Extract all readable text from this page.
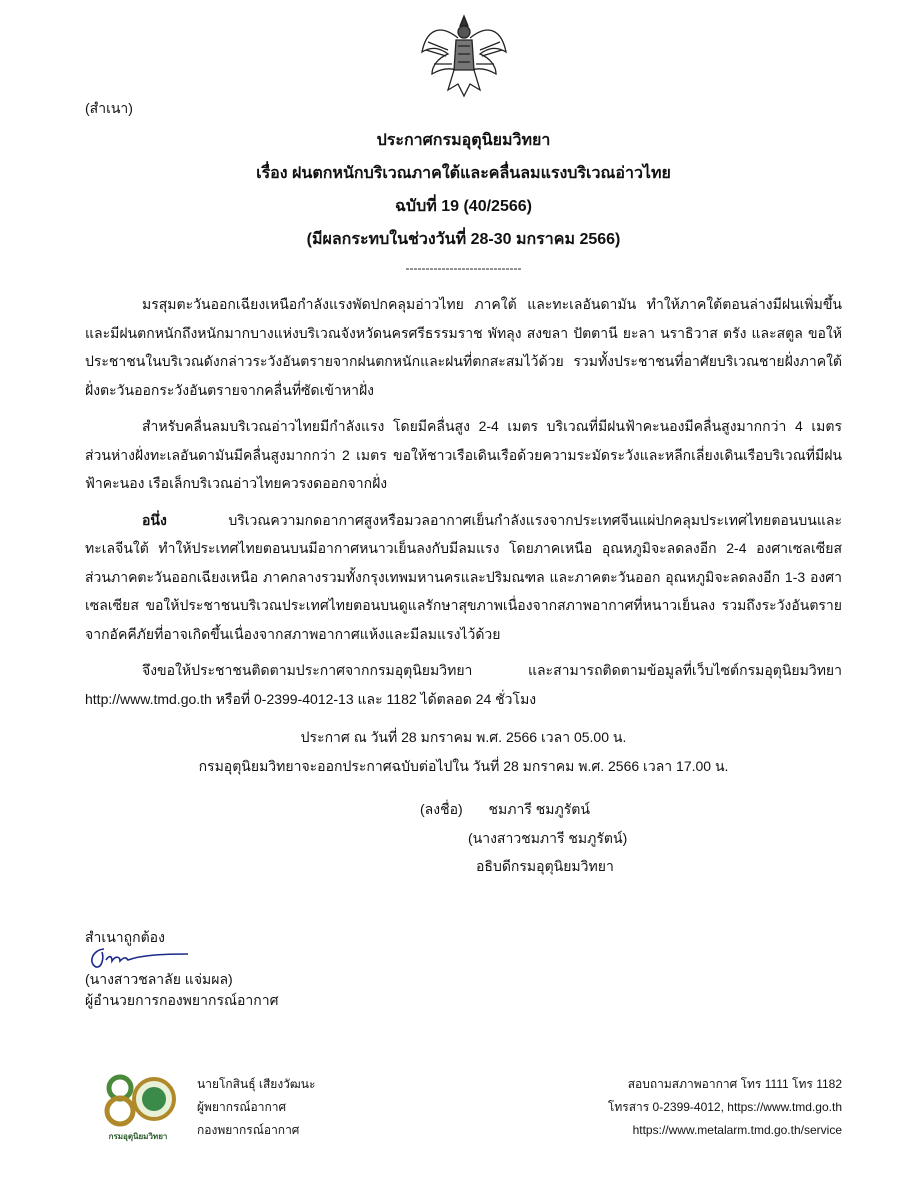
(สำเนา)
ประกาศกรมอุตุนิยมวิทยา
เรื่อง ฝนตกหนักบริเวณภาคใต้และคลื่นลมแรงบริเวณอ่าวไทย
ฉบับที่ 19 (40/2566)
(มีผลกระทบในช่วงวันที่ 28-30 มกราคม 2566)
-----------------------------

มรสุมตะวันออกเฉียงเหนือกำลังแรงพัดปกคลุมอ่าวไทย ภาคใต้ และทะเลอันดามัน ทำให้ภาคใต้ตอนล่างมีฝนเพิ่มขึ้นและมีฝนตกหนักถึงหนักมากบางแห่งบริเวณจังหวัดนครศรีธรรมราช พัทลุง สงขลา ปัตตานี ยะลา นราธิวาส ตรัง และสตูล ขอให้ประชาชนในบริเวณดังกล่าวระวังอันตรายจากฝนตกหนักและฝนที่ตกสะสมไว้ด้วย รวมทั้งประชาชนที่อาศัยบริเวณชายฝั่งภาคใต้ฝั่งตะวันออกระวังอันตรายจากคลื่นที่ซัดเข้าหาฝั่ง

สำหรับคลื่นลมบริเวณอ่าวไทยมีกำลังแรง โดยมีคลื่นสูง 2-4 เมตร บริเวณที่มีฝนฟ้าคะนองมีคลื่นสูงมากกว่า 4 เมตร ส่วนห่างฝั่งทะเลอันดามันมีคลื่นสูงมากกว่า 2 เมตร ขอให้ชาวเรือเดินเรือด้วยความระมัดระวังและหลีกเลี่ยงเดินเรือบริเวณที่มีฝนฟ้าคะนอง เรือเล็กบริเวณอ่าวไทยควรงดออกจากฝั่ง

อนึ่ง บริเวณความกดอากาศสูงหรือมวลอากาศเย็นกำลังแรงจากประเทศจีนแผ่ปกคลุมประเทศไทยตอนบนและทะเลจีนใต้ ทำให้ประเทศไทยตอนบนมีอากาศหนาวเย็นลงกับมีลมแรง โดยภาคเหนือ อุณหภูมิจะลดลงอีก 2-4 องศาเซลเซียส ส่วนภาคตะวันออกเฉียงเหนือ ภาคกลางรวมทั้งกรุงเทพมหานครและปริมณฑล และภาคตะวันออก อุณหภูมิจะลดลงอีก 1-3 องศาเซลเซียส ขอให้ประชาชนบริเวณประเทศไทยตอนบนดูแลรักษาสุขภาพเนื่องจากสภาพอากาศที่หนาวเย็นลง รวมถึงระวังอันตรายจากอัคคีภัยที่อาจเกิดขึ้นเนื่องจากสภาพอากาศแห้งและมีลมแรงไว้ด้วย

จึงขอให้ประชาชนติดตามประกาศจากกรมอุตุนิยมวิทยา และสามารถติดตามข้อมูลที่เว็บไซต์กรมอุตุนิยมวิทยา http://www.tmd.go.th หรือที่ 0-2399-4012-13 และ 1182 ได้ตลอด 24 ชั่วโมง

ประกาศ ณ วันที่ 28 มกราคม พ.ศ. 2566 เวลา 05.00 น.
กรมอุตุนิยมวิทยาจะออกประกาศฉบับต่อไปใน วันที่ 28 มกราคม พ.ศ. 2566 เวลา 17.00 น.
(ลงชื่อ) ชมภารี ชมภูรัตน์
(นางสาวชมภารี ชมภูรัตน์)
อธิบดีกรมอุตุนิยมวิทยา
สำเนาถูกต้อง
(นางสาวชลาลัย แจ่มผล)
ผู้อำนวยการกองพยากรณ์อากาศ
กรมอุตุนิยมวิทยา
นายโกสินธุ์ เสียงวัฒนะ
ผู้พยากรณ์อากาศ
กองพยากรณ์อากาศ
สอบถามสภาพอากาศ โทร 1111 โทร 1182
โทรสาร 0-2399-4012, https://www.tmd.go.th
https://www.metalarm.tmd.go.th/service
